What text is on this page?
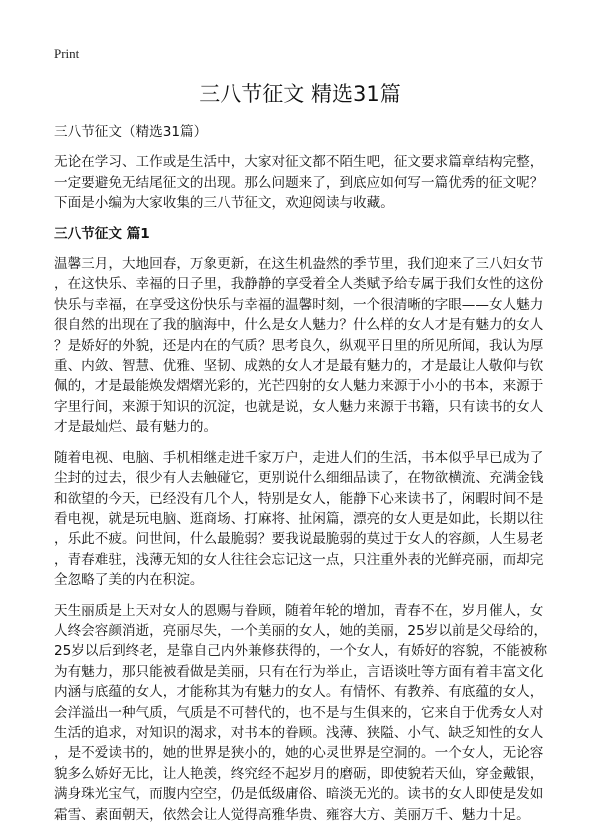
Print
三八节征文 精选31篇
三八节征文（精选31篇）
无论在学习、工作或是生活中，大家对征文都不陌生吧，征文要求篇章结构完整，
一定要避免无结尾征文的出现。那么问题来了，到底应如何写一篇优秀的征文呢？
下面是小编为大家收集的三八节征文，欢迎阅读与收藏。
三八节征文 篇1
温馨三月，大地回春，万象更新，在这生机盎然的季节里，我们迎来了三八妇女节
，在这快乐、幸福的日子里，我静静的享受着全人类赋予给专属于我们女性的这份
快乐与幸福，在享受这份快乐与幸福的温馨时刻，一个很清晰的字眼——女人魅力
很自然的出现在了我的脑海中，什么是女人魅力？什么样的女人才是有魅力的女人
？是娇好的外貌，还是内在的气质？思考良久，纵观平日里的所见所闻，我认为厚
重、内敛、智慧、优雅、坚韧、成熟的女人才是最有魅力的，才是最让人敬仰与钦
佩的，才是最能焕发熠熠光彩的，光芒四射的女人魅力来源于小小的书本，来源于
字里行间，来源于知识的沉淀，也就是说，女人魅力来源于书籍，只有读书的女人
才是最灿烂、最有魅力的。
随着电视、电脑、手机相继走进千家万户，走进人们的生活，书本似乎早已成为了
尘封的过去，很少有人去触碰它，更别说什么细细品读了，在物欲横流、充满金钱
和欲望的今天，已经没有几个人，特别是女人，能静下心来读书了，闲暇时间不是
看电视，就是玩电脑、逛商场、打麻将、扯闲篇，漂亮的女人更是如此，长期以往
，乐此不疲。问世间，什么最脆弱？要我说最脆弱的莫过于女人的容颜，人生易老
，青春难驻，浅薄无知的女人往往会忘记这一点，只注重外表的光鲜亮丽，而却完
全忽略了美的内在积淀。
天生丽质是上天对女人的恩赐与眷顾，随着年轮的增加，青春不在，岁月催人，女
人终会容颜消逝，亮丽尽失，一个美丽的女人，她的美丽，25岁以前是父母给的，
25岁以后到终老，是靠自己内外兼修获得的，一个女人，有娇好的容貌，不能被称
为有魅力，那只能被看做是美丽，只有在行为举止，言语谈吐等方面有着丰富文化
内涵与底蕴的女人，才能称其为有魅力的女人。有情怀、有教养、有底蕴的女人，
会洋溢出一种气质，气质是不可替代的，也不是与生俱来的，它来自于优秀女人对
生活的追求，对知识的渴求，对书本的眷顾。浅薄、狭隘、小气、缺乏知性的女人
，是不爱读书的，她的世界是狭小的，她的心灵世界是空洞的。一个女人，无论容
貌多么娇好无比，让人艳羡，终究经不起岁月的磨砺，即使貌若天仙，穿金戴银，
满身珠光宝气，而腹内空空，仍是低级庸俗、暗淡无光的。读书的女人即使是发如
霜雪、素面朝天，依然会让人觉得高雅华贵、雍容大方、美丽万千、魅力十足。
